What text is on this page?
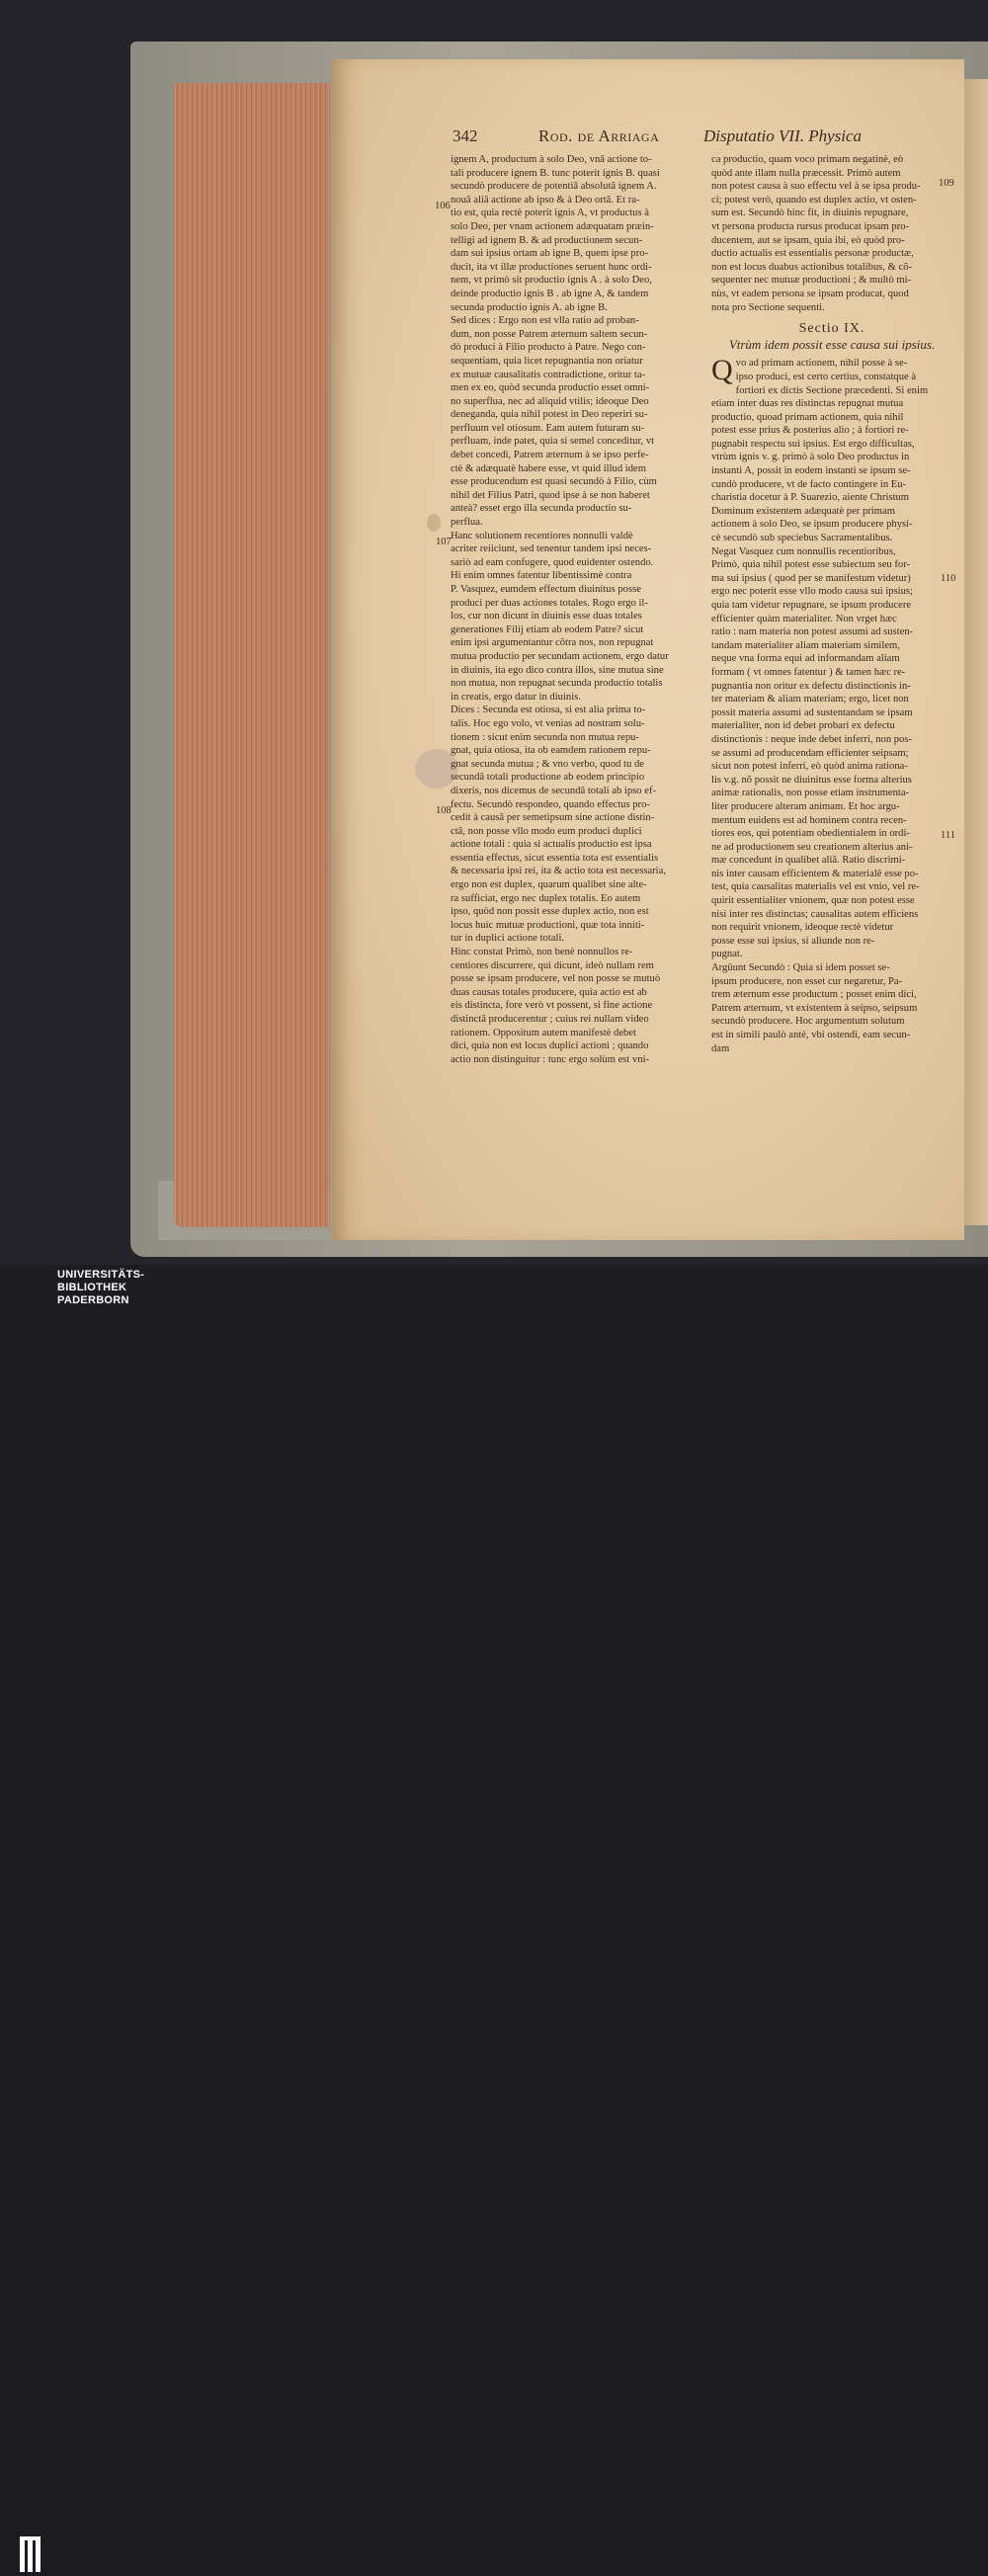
342	Rod. de Arriaga	Disputatio VII. Physica
106
107
108
109
110
111

ignem A, productum à solo Deo, vnâ actione to-

tali producere ignem B. tunc poterit ignis B. quasi

secundò producere de potentiâ absolutâ ignem A.

nouâ aliâ actione ab ipso & à Deo ortâ. Et ra-

tio est, quia rectè poterit ignis A, vt productus à

solo Deo, per vnam actionem adæquatam præin-

telligi ad ignem B. & ad productionem secun-

dam sui ipsius ortam ab igne B, quem ipse pro-

ducit, ita vt illæ productiones seruent hunc ordi-

nem, vt primò sit productio ignis A . à solo Deo,

deinde productio ignis B . ab igne A, & tandem

secunda productio ignis A. ab igne B.

Sed dices : Ergo non est vlla ratio ad proban-

dum, non posse Patrem æternum saltem secun-

dò produci à Filio producto à Patre. Nego con-

sequentiam, quia licet repugnantia non oriatur

ex mutuæ causalitatis contradictione, oritur ta-

men ex eo, quòd secunda productio esset omni-

no superflua, nec ad aliquid vtilis; ideoque Deo

deneganda, quia nihil potest in Deo reperiri su-

perfluum vel otiosum. Eam autem futuram su-

perfluam, inde patet, quia si semel conceditur, vt

debet concedi, Patrem æternum à se ipso perfe-

ctè & adæquatè habere esse, vt quid illud idem

esse producendum est quasi secundò à Filio, cùm

nihil det Filius Patri, quod ipse à se non haberet

anteà? esset ergo illa secunda productio su-

perflua.

Hanc solutionem recentiores nonnulli valdè

acriter reiiciunt, sed tenentur tandem ipsi neces-

sariò ad eam confugere, quod euidenter ostendo.

Hi enim omnes fatentur libentissimè contra

P. Vasquez, eumdem effectum diuinitus posse

produci per duas actiones totales. Rogo ergo il-

los, cur non dicunt in diuinis esse duas totales

generationes Filij etiam ab eodem Patre? sicut

enim ipsi argumentantur cõtra nos, non repugnat

mutua productio per secundam actionem, ergo datur

in diuinis, ita ego dico contra illos, sine mutua sine

non mutua, non repugnat secunda productio totalis

in creatis, ergo datur in diuinis.

Dices : Secunda est otiosa, si est alia prima to-

talis. Hoc ego volo, vt venias ad nostram solu-

tionem : sicut enim secunda non mutua repu-

gnat, quia otiosa, ita ob eamdem rationem repu-

gnat secunda mutua ; & vno verbo, quod tu de

secundâ totali productione ab eodem principio

dixeris, nos dicemus de secundâ totali ab ipso ef-

fectu. Secundò respondeo, quando effectus pro-

cedit à causâ per semetipsum sine actione distin-

ctâ, non posse vllo modo eum produci duplici

actione totali : quia si actualis productio est ipsa

essentia effectus, sicut essentia tota est essentialis

& necessaria ipsi rei, ita & actio tota est necessaria,

ergo non est duplex, quarum qualibet sine alte-

ra sufficiat, ergo nec duplex totalis. Eo autem

ipso, quòd non possit esse duplex actio, non est

locus huic mutuæ productioni, quæ tota inniti-

tur in duplici actione totali.

Hinc constat Primò, non benè nonnullos re-

centiores discurrere, qui dicunt, ideò nullam rem

posse se ipsam producere, vel non posse se mutuò

duas causas totales producere, quia actio est ab

eis distincta, fore verò vt possent, si fine actione

distinctâ producerentur ; cuius rei nullam video

rationem. Oppositum autem manifestè debet

dici, quia non est locus duplici actioni ; quando

actio non distinguitur : tunc ergo solùm est vni-

ca productio, quam voco primam negatinè, eò

quòd ante illam nulla præcessit. Primò autem

non potest causa à suo effectu vel à se ipsa produ-

ci; potest verò, quando est duplex actio, vt osten-

sum est. Secundò hinc fit, in diuinis repugnare,

vt persona producta rursus producat ipsam pro-

ducentem, aut se ipsam, quia ibi, eò quòd pro-

ductio actualis est essentialis personæ productæ,

non est locus duabus actionibus totalibus, & cõ-

sequenter nec mutuæ productioni ; & multò mi-

nùs, vt eadem persona se ipsam producat, quod

nota pro Sectione sequenti.

Sectio IX.

Vtrùm idem possit esse causa sui ipsius.

Q vo ad primam actionem, nihil posse à se-

ipso produci, est certo certius, constatque à

fortiori ex dictis Sectione præcedenti. Si enim

etiam inter duas res distinctas repugnat mutua

productio, quoad primam actionem, quia nihil

potest esse prius & posterius alio ; à fortiori re-

pugnabit respectu sui ipsius. Est ergo difficultas,

vtrùm ignis v. g. primò à solo Deo productus in

instanti A, possit in eodem instanti se ipsum se-

cundò producere, vt de facto contingere in Eu-

charistia docetur à P. Suarezio, aiente Christum

Dominum existentem adæquatè per primam

actionem à solo Deo, se ipsum producere physi-

cè secundò sub speciebus Sacramentalibus.

Negat Vasquez cum nonnullis recentioribus,

Primò, quia nihil potest esse subiectum seu for-

ma sui ipsius ( quod per se manifestum videtur)

ergo nec poterit esse vllo modo causa sui ipsius;

quia tam videtur repugnare, se ipsum producere

efficienter quàm materialiter. Non vrget hæc

ratio : nam materia non potest assumi ad susten-

tandam materialiter aliam materiam similem,

neque vna forma equi ad informandam aliam

formam ( vt omnes fatentur ) & tamen hæc re-

pugnantia non oritur ex defectu distinctionis in-

ter materiam & aliam materiam; ergo, licet non

possit materia assumi ad sustentandam se ipsam

materialiter, non id debet probari ex defectu

distinctionis : neque inde debet inferri, non pos-

se assumi ad producendam efficienter seipsam;

sicut non potest inferri, eò quòd anima rationa-

lis v.g. nõ possit ne diuinitus esse forma alterius

animæ rationalis, non posse etiam instrumenta-

liter producere alteram animam. Et hoc argu-

mentum euidens est ad hominem contra recen-

tiores eos, qui potentiam obedientialem in ordi-

ne ad productionem seu creationem alterius ani-

mæ concedunt in qualibet aliâ. Ratio discrimi-

nis inter causam efficientem & materialē esse po-

test, quia causalitas materialis vel est vnio, vel re-

quirit essentialiter vnionem, quæ non potest esse

nisi inter res distinctas; causalitas autem efficiens

non requirit vnionem, ideoque rectè videtur

posse esse sui ipsius, si aliunde non re-

pugnat.

Argûunt Secundò : Quia si idem posset se-

ipsum producere, non esset cur negaretur, Pa-

trem æternum esse productum ; posset enim dici,

Patrem æternum, vt existentem à seipso, seipsum

secundò producere. Hoc argumentum solutum

est in simili paulò antè, vbi ostendi, eam secun-

dam

UNIVERSITÄTS-
BIBLIOTHEK
PADERBORN
